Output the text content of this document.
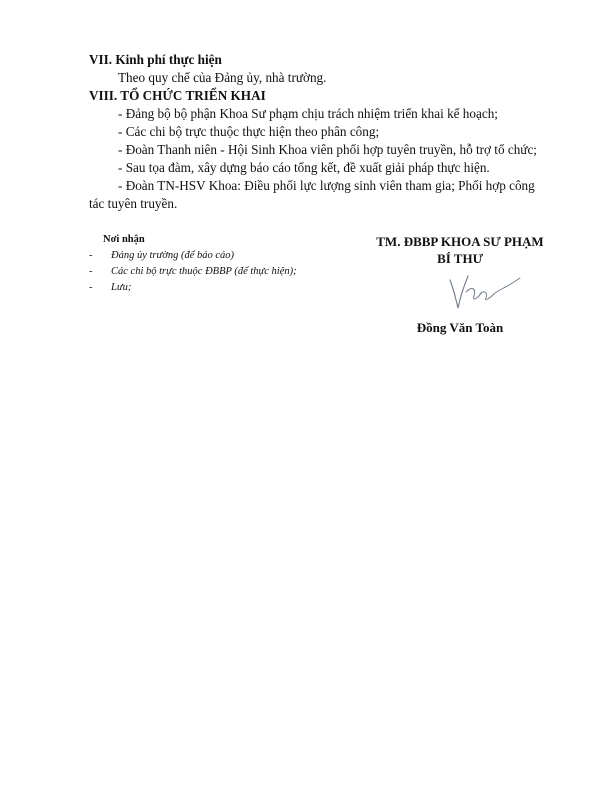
VII. Kinh phí thực hiện
Theo quy chế của Đảng ủy, nhà trường.
VIII. TỔ CHỨC TRIỂN KHAI
- Đảng bộ bộ phận Khoa Sư phạm chịu trách nhiệm triển khai kế hoạch;
- Các chi bộ trực thuộc thực hiện theo phân công;
- Đoàn Thanh niên - Hội Sinh Khoa viên phối hợp tuyên truyền, hỗ trợ tổ chức;
- Sau tọa đàm, xây dựng báo cáo tổng kết, đề xuất giải pháp thực hiện.
- Đoàn TN-HSV Khoa: Điều phối lực lượng sinh viên tham gia; Phối hợp công
tác tuyên truyền.
Nơi nhận
- Đảng ủy trường (để báo cáo)
- Các chi bộ trực thuộc ĐBBP (để thực hiện);
- Lưu;
TM. ĐBBP KHOA SƯ PHẠM
BÍ THƯ
Đồng Văn Toàn
